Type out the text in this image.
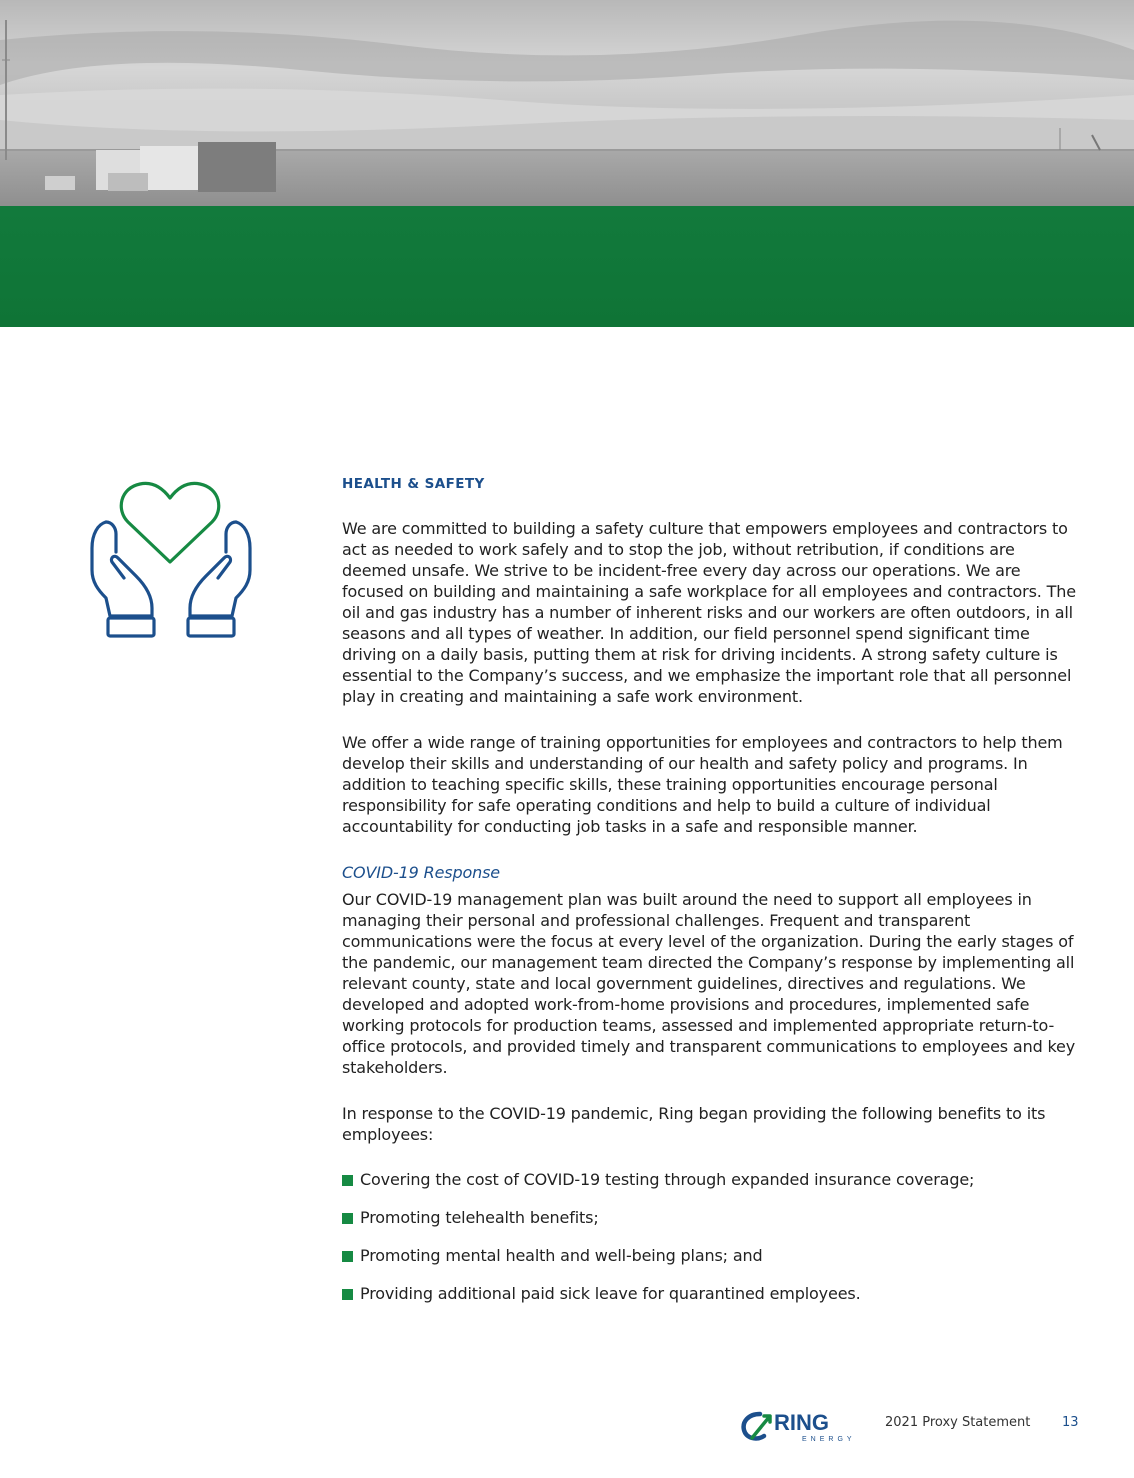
HEALTH & SAFETY

We are committed to building a safety culture that empowers employees and contractors to act as needed to work safely and to stop the job, without retribution, if conditions are deemed unsafe. We strive to be incident-free every day across our operations. We are focused on building and maintaining a safe workplace for all employees and contractors. The oil and gas industry has a number of inherent risks and our workers are often outdoors, in all seasons and all types of weather. In addition, our field personnel spend significant time driving on a daily basis, putting them at risk for driving incidents. A strong safety culture is essential to the Company’s success, and we emphasize the important role that all personnel play in creating and maintaining a safe work environment.

We offer a wide range of training opportunities for employees and contractors to help them develop their skills and understanding of our health and safety policy and programs. In addition to teaching specific skills, these training opportunities encourage personal responsibility for safe operating conditions and help to build a culture of individual accountability for conducting job tasks in a safe and responsible manner.

COVID-19 Response

Our COVID-19 management plan was built around the need to support all employees in managing their personal and professional challenges. Frequent and transparent communications were the focus at every level of the organization. During the early stages of the pandemic, our management team directed the Company’s response by implementing all relevant county, state and local government guidelines, directives and regulations. We developed and adopted work-from-home provisions and procedures, implemented safe working protocols for production teams, assessed and implemented appropriate return-to-office protocols, and provided timely and transparent communications to employees and key stakeholders.

In response to the COVID-19 pandemic, Ring began providing the following benefits to its employees:

Covering the cost of COVID-19 testing through expanded insurance coverage;
Promoting telehealth benefits;
Promoting mental health and well-being plans; and
Providing additional paid sick leave for quarantined employees.
RING
ENERGY
2021 Proxy Statement 13
